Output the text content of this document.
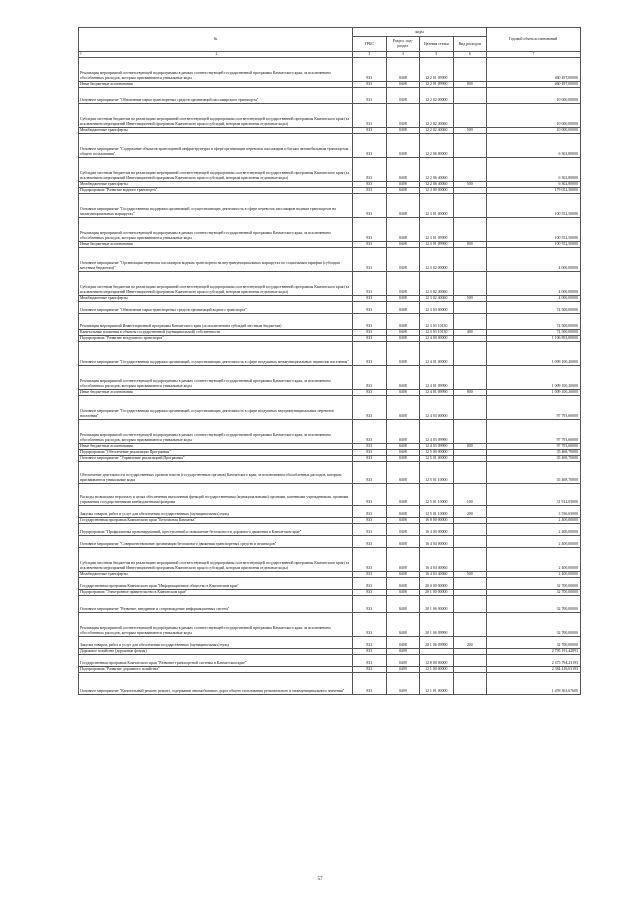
№	коды				Годовой объем ассигнований
	ГРБС	Раздел, под-раздел	Целевая статья	Вид расходов	

1 2	3	4	5	6	7
Реализация мероприятий соответствующей подпрограммы в рамках соответствующей государственной программы Камчатского края, за исключением обособленных расходов, которым присваиваются уникальные коды	833	0408	12 2 01 09990		460 497,00000
Иные бюджетные ассигнования	833	0408	12 2 01 09990	800	460 497,00000
Основное мероприятие "Обновление парка транспортных средств организаций пассажирского транспорта"	833	0408	12 2 02 00000		10 000,00000
Субсидии местным бюджетам на реализацию мероприятий соответствующей подпрограммы соответствующей государственной программы Камчатского края (за исключением мероприятий Инвестиционной программы Камчатского края и субсидий, которым присвоены отдельные коды)	833	0408	12 2 02 40060		10 000,00000
Межбюджетные трансферты	833	0408	12 2 02 40060	500	10 000,00000
Основное мероприятие "Содержание объектов транспортной инфраструктуры в сфере организации перевозок пассажиров и багажа автомобильным транспортом общего пользования"	833	0408	12 2 06 00000		6 302,80000
Субсидии местным бюджетам на реализацию мероприятий соответствующей подпрограммы соответствующей государственной программы Камчатского края (за исключением мероприятий Инвестиционной программы Камчатского края и субсидий, которым присвоены отдельные коды)	833	0408	12 2 06 40060		6 302,80000
Межбюджетные трансферты	833	0408	12 2 06 40060	500	6 302,80000
Подпрограмма "Развитие водного транспорта"	833	0408	12 3 00 00000		179 052,50000
Основное мероприятие "Государственная поддержка организаций, осуществляющих деятельность в сфере перевозок пассажиров водным транспортом на межмуниципальных маршрутах"	833	0408	12 3 01 00000		100 552,50000
Реализация мероприятий соответствующей подпрограммы в рамках соответствующей государственной программы Камчатского края, за исключением обособленных расходов, которым присваиваются уникальные коды	833	0408	12 3 01 09990		100 552,50000
Иные бюджетные ассигнования	833	0408	12 3 01 09990	800	100 552,50000
Основное мероприятие "Организация перевозок пассажиров водным транспортом на внутримуниципальных маршрутах по социальным тарифам (субсидии местным бюджетам)"	833	0408	12 3 02 00000		4 000,00000
Субсидии местным бюджетам на реализацию мероприятий соответствующей подпрограммы соответствующей государственной программы Камчатского края (за исключением мероприятий Инвестиционной программы Камчатского края и субсидий, которым присвоены отдельные коды)	833	0408	12 3 02 40060		4 000,00000
Межбюджетные трансферты	833	0408	12 3 02 40060	500	4 000,00000
Основное мероприятие "Обновление парка транспортных средств организаций водного транспорта"	833	0408	12 3 03 00000		74 500,00000
Реализация мероприятий Инвестиционной программы Камчатского края (за исключением субсидий местным бюджетам)	833	0408	12 3 03 10130		74 500,00000
Капитальные вложения в объекты государственной (муниципальной) собственности	833	0408	12 3 03 10130	400	74 500,00000
Подпрограмма "Развитие воздушного транспорта"	833	0408	12 4 00 00000		1 106 893,80000
Основное мероприятие "Государственная поддержка организаций, осуществляющих деятельность в сфере воздушных межмуниципальных перевозок населения"	833	0408	12 4 01 00000		1 009 100,20000
Реализация мероприятий соответствующей подпрограммы в рамках соответствующей государственной программы Камчатского края, за исключением обособленных расходов, которым присваиваются уникальные коды	833	0408	12 4 01 09990		1 009 100,20000
Иные бюджетные ассигнования	833	0408	12 4 01 09990	800	1 009 100,20000
Основное мероприятие "Государственная поддержка организаций, осуществляющих деятельность в сфере воздушных внутримуниципальных перевозок населения"	833	0408	12 4 03 00000		97 793,60000
Реализация мероприятий соответствующей подпрограммы в рамках соответствующей государственной программы Камчатского края, за исключением обособленных расходов, которым присваиваются уникальные коды	833	0408	12 4 03 09990		97 793,60000
Иные бюджетные ассигнования	833	0408	12 4 03 09990	800	97 793,60000
Подпрограмма "Обеспечение реализации Программы"	833	0408	12 5 00 00000		35 468,70000
Основное мероприятие "Управление реализацией Программы"	833	0408	12 5 01 00000		35 468,70000
Обеспечение деятельности государственных органов власти (государственных органов) Камчатского края, за исключением обособленных расходов, которым присваиваются уникальные коды	833	0408	12 5 01 10000		35 468,70000
Расходы на выплаты персоналу в целях обеспечения выполнения функций государственными (муниципальными) органами, казенными учреждениями, органами управления государственными внебюджетными фондами	833	0408	12 5 01 10000	100	31 912,05000
Закупка товаров, работ и услуг для обеспечения государственных (муниципальных) нужд	833	0408	12 5 01 10000	200	3 556,65000
Государственная программа Камчатского края "Безопасная Камчатка"	833	0408	16 0 00 00000		2 400,00000
Подпрограмма "Профилактика правонарушений, преступлений и повышение безопасности дорожного движения в Камчатском крае"	833	0408	16 4 00 00000		2 400,00000
Основное мероприятие "Совершенствование организации безопасного движения транспортных средств и пешеходов"	833	0408	16 4 04 00000		2 400,00000
Субсидии местным бюджетам на реализацию мероприятий соответствующей подпрограммы соответствующей государственной программы Камчатского края (за исключением мероприятий Инвестиционной программы Камчатского края и субсидий, которым присвоены отдельные коды)	833	0408	16 4 04 40060		2 400,00000
Межбюджетные трансферты	833	0408	16 4 04 40060	500	2 400,00000
Государственная программа Камчатского края "Информационное общество в Камчатском крае"	833	0408	20 0 00 00000		32 700,00000
Подпрограмма "Электронное правительство в Камчатском крае"	833	0408	20 1 00 00000		32 700,00000
Основное мероприятие "Развитие, внедрение и сопровождение информационных систем"	833	0408	20 1 06 00000		32 700,00000
Реализация мероприятий соответствующей подпрограммы в рамках соответствующей государственной программы Камчатского края, за исключением обособленных расходов, которым присваиваются уникальные коды	833	0408	20 1 06 09990		32 700,00000
Закупка товаров, работ и услуг для обеспечения государственных (муниципальных) нужд	833	0408	20 1 06 09990	200	32 700,00000
Дорожное хозяйство (дорожные фонды)	833	0409			2 795 191,42893
Государственная программа Камчатского края "Развитие транспортной системы в Камчатском крае"	833	0409	12 0 00 00000		2 475 794,23193
Подпрограмма "Развитие дорожного хозяйства"	833	0409	12 1 00 00000		2 384 416,03193
Основное мероприятие "Капитальный ремонт, ремонт, содержание автомобильных дорог общего пользования регионального и межмуниципального значения"	833	0409	12 1 01 00000		1 459 363,67600
57
